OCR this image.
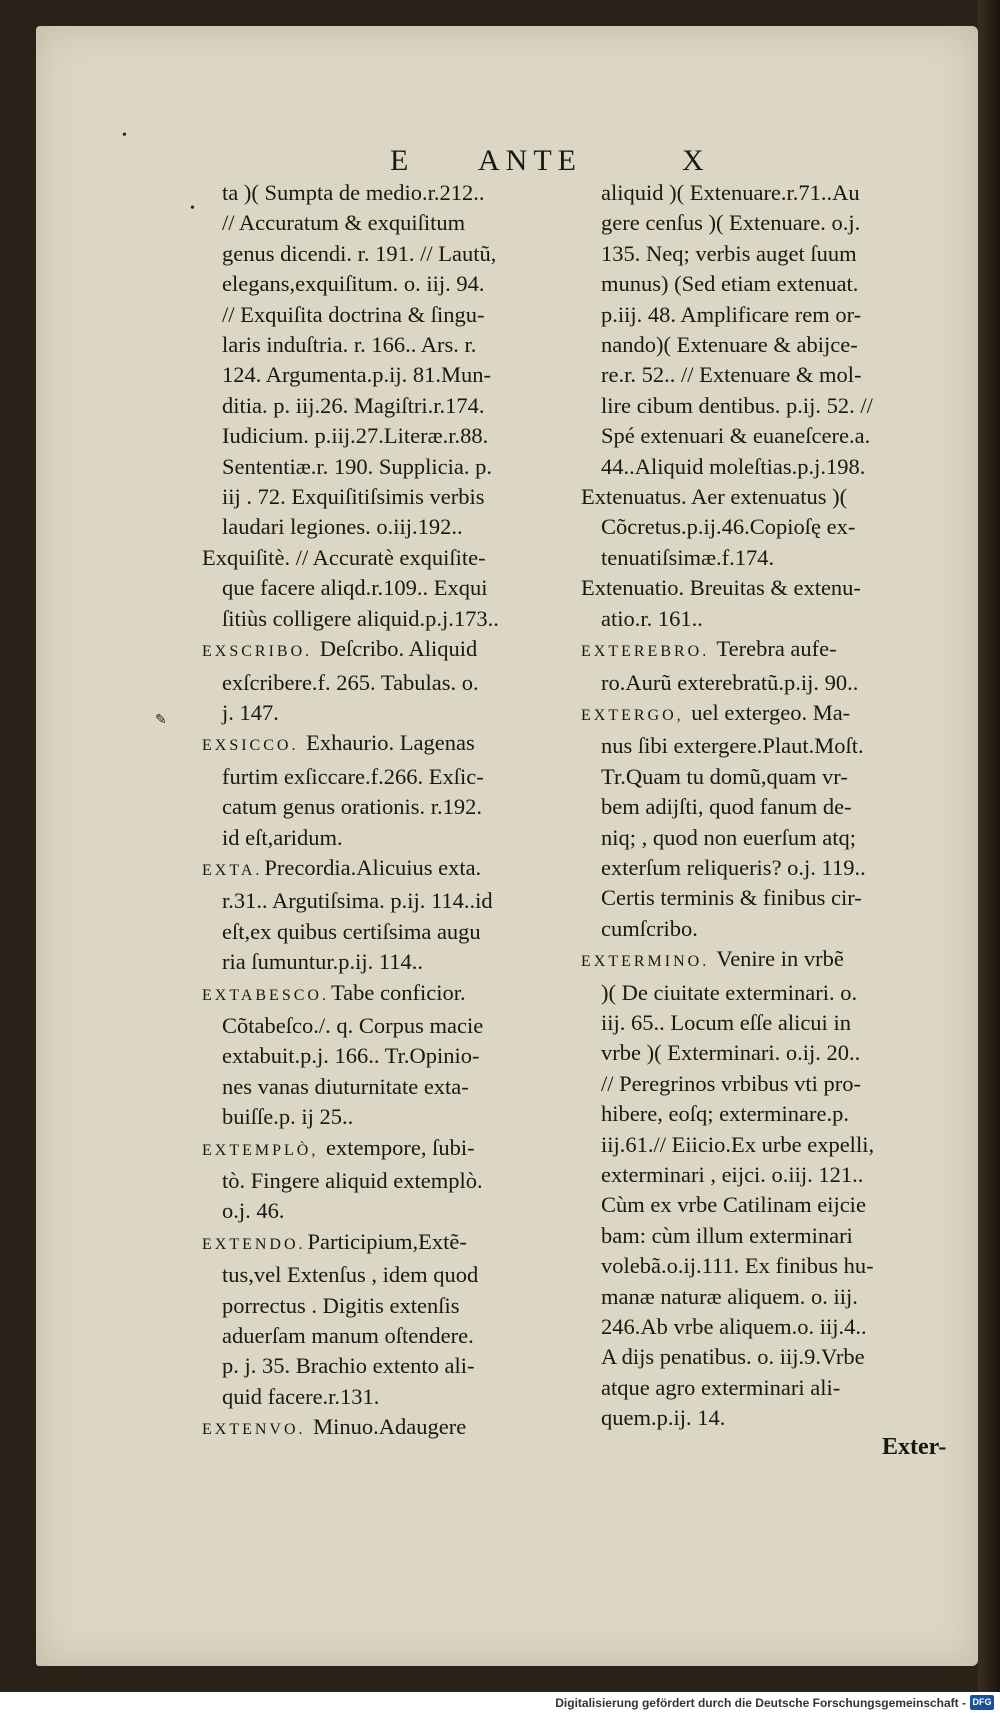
E ANTE	X
•
•
✎
ta )( Sumpta de medio.r.212..
// Accuratum & exquiſitum
genus dicendi. r. 191. // Lautũ,
elegans,exquiſitum. o. iij. 94.
// Exquiſita doctrina & ſingu-
laris induſtria. r. 166.. Ars. r.
124. Argumenta.p.ij. 81.Mun-
ditia. p. iij.26. Magiſtri.r.174.
Iudicium. p.iij.27.Literæ.r.88.
Sententiæ.r. 190. Supplicia. p.
iij . 72. Exquiſitiſsimis verbis
laudari legiones. o.iij.192..
Exquiſitè. // Accuratè exquiſite-
que facere aliqd.r.109.. Exqui
ſitiùs colligere aliquid.p.j.173..
EXSCRIBO. Deſcribo. Aliquid
exſcribere.f. 265. Tabulas. o.
j. 147.
EXSICCO. Exhaurio. Lagenas
furtim exſiccare.f.266. Exſic-
catum genus orationis. r.192.
id eſt,aridum.
EXTA.Precordia.Alicuius exta.
r.31.. Argutiſsima. p.ij. 114..id
eſt,ex quibus certiſsima augu
ria ſumuntur.p.ij. 114..
EXTABESCO.Tabe conficior.
Cõtabeſco./. q. Corpus macie
extabuit.p.j. 166.. Tr.Opinio-
nes vanas diuturnitate exta-
buiſſe.p. ij 25..
EXTEMPLÒ, extempore, ſubi-
tò. Fingere aliquid extemplò.
o.j. 46.
EXTENDO.Participium,Extẽ-
tus,vel Extenſus , idem quod
porrectus . Digitis extenſis
aduerſam manum oſtendere.
p. j. 35. Brachio extento ali-
quid facere.r.131.
EXTENVO. Minuo.Adaugere
aliquid )( Extenuare.r.71..Au
gere cenſus )( Extenuare. o.j.
135. Neq; verbis auget ſuum
munus) (Sed etiam extenuat.
p.iij. 48. Amplificare rem or-
nando)( Extenuare & abijce-
re.r. 52.. // Extenuare & mol-
lire cibum dentibus. p.ij. 52. //
Spé extenuari & euaneſcere.a.
44..Aliquid moleſtias.p.j.198.
Extenuatus. Aer extenuatus )(
Cõcretus.p.ij.46.Copioſę ex-
tenuatiſsimæ.f.174.
Extenuatio. Breuitas & extenu-
atio.r. 161..
EXTEREBRO. Terebra aufe-
ro.Aurũ exterebratũ.p.ij. 90..
EXTERGO, uel extergeo. Ma-
nus ſibi extergere.Plaut.Moſt.
Tr.Quam tu domũ,quam vr-
bem adijſti, quod fanum de-
niq; , quod non euerſum atq;
exterſum reliqueris? o.j. 119..
Certis terminis & finibus cir-
cumſcribo.
EXTERMINO. Venire in vrbẽ
)( De ciuitate exterminari. o.
iij. 65.. Locum eſſe alicui in
vrbe )( Exterminari. o.ij. 20..
// Peregrinos vrbibus vti pro-
hibere, eoſq; exterminare.p.
iij.61.// Eiicio.Ex urbe expelli,
exterminari , eijci. o.iij. 121..
Cùm ex vrbe Catilinam eijcie
bam: cùm illum exterminari
volebã.o.ij.111. Ex finibus hu-
manæ naturæ aliquem. o. iij.
246.Ab vrbe aliquem.o. iij.4..
A dijs penatibus. o. iij.9.Vrbe
atque agro exterminari ali-
quem.p.ij. 14.
Exter-
Digitalisierung gefördert durch die Deutsche Forschungsgemeinschaft - DFG
